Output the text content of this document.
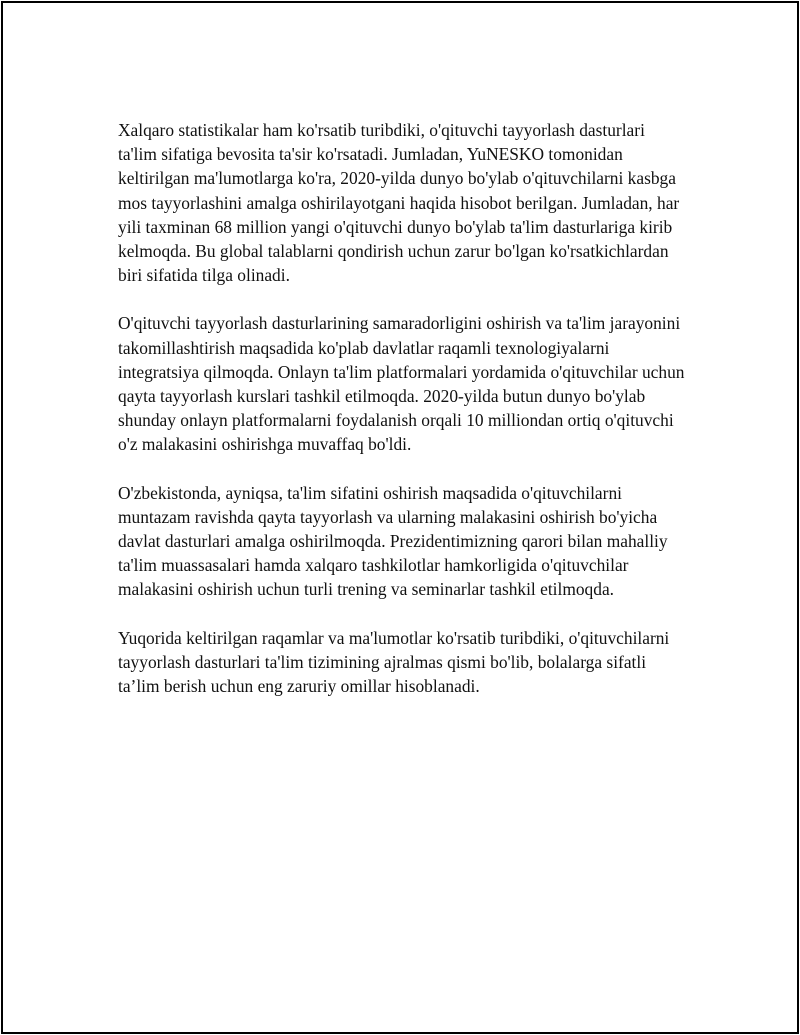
Xalqaro statistikalar ham ko'rsatib turibdiki, o'qituvchi tayyorlash dasturlari ta'lim sifatiga bevosita ta'sir ko'rsatadi. Jumladan, YuNESKO tomonidan keltirilgan ma'lumotlarga ko'ra, 2020-yilda dunyo bo'ylab o'qituvchilarni kasbga mos tayyorlashini amalga oshirilayotgani haqida hisobot berilgan. Jumladan, har yili taxminan 68 million yangi o'qituvchi dunyo bo'ylab ta'lim dasturlariga kirib kelmoqda. Bu global talablarni qondirish uchun zarur bo'lgan ko'rsatkichlardan biri sifatida tilga olinadi.

O'qituvchi tayyorlash dasturlarining samaradorligini oshirish va ta'lim jarayonini takomillashtirish maqsadida ko'plab davlatlar raqamli texnologiyalarni integratsiya qilmoqda. Onlayn ta'lim platformalari yordamida o'qituvchilar uchun qayta tayyorlash kurslari tashkil etilmoqda. 2020-yilda butun dunyo bo'ylab shunday onlayn platformalarni foydalanish orqali 10 milliondan ortiq o'qituvchi o'z malakasini oshirishga muvaffaq bo'ldi.

O'zbekistonda, ayniqsa, ta'lim sifatini oshirish maqsadida o'qituvchilarni muntazam ravishda qayta tayyorlash va ularning malakasini oshirish bo'yicha davlat dasturlari amalga oshirilmoqda. Prezidentimizning qarori bilan mahalliy ta'lim muassasalari hamda xalqaro tashkilotlar hamkorligida o'qituvchilar malakasini oshirish uchun turli trening va seminarlar tashkil etilmoqda.

Yuqorida keltirilgan raqamlar va ma'lumotlar ko'rsatib turibdiki, o'qituvchilarni tayyorlash dasturlari ta'lim tizimining ajralmas qismi bo'lib, bolalarga sifatli ta’lim berish uchun eng zaruriy omillar hisoblanadi.
